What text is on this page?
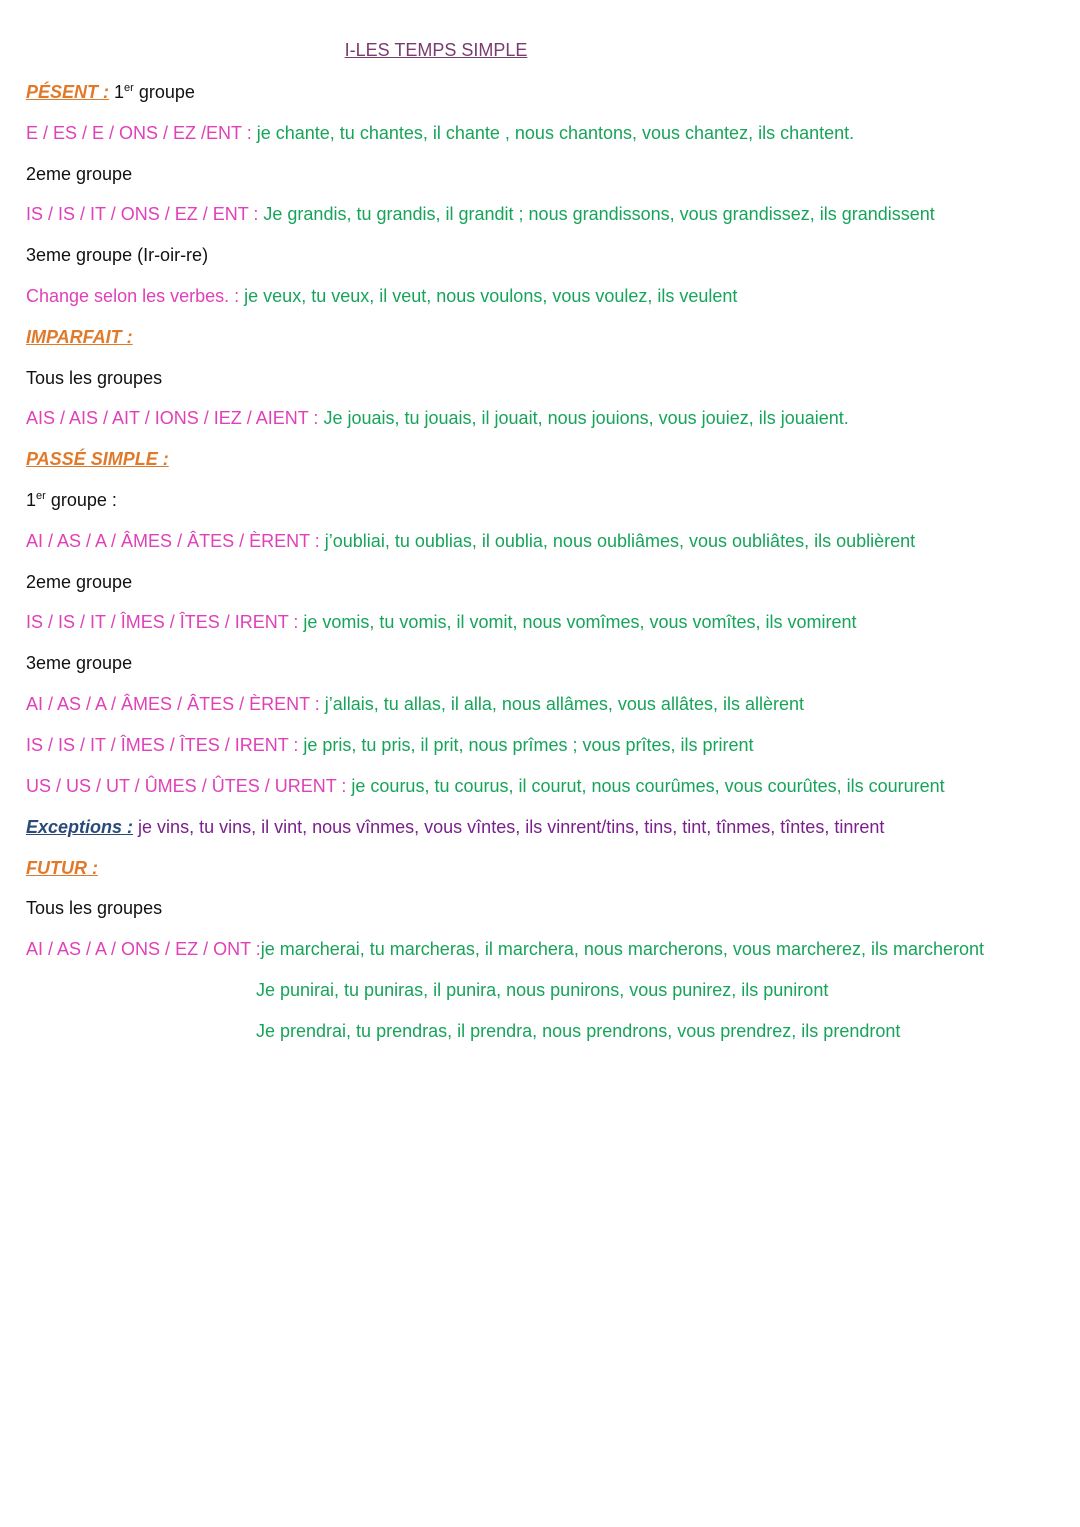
I-LES TEMPS SIMPLE
PÉSENT : 1er groupe
E / ES / E / ONS / EZ /ENT : je chante, tu chantes, il chante , nous chantons, vous chantez, ils chantent.
2eme groupe
IS / IS / IT / ONS / EZ / ENT : Je grandis, tu grandis, il grandit ; nous grandissons, vous grandissez, ils grandissent
3eme groupe (Ir-oir-re)
Change selon les verbes. : je veux, tu veux, il veut, nous voulons, vous voulez, ils veulent
IMPARFAIT :
Tous les groupes
AIS / AIS / AIT / IONS / IEZ / AIENT : Je jouais, tu jouais, il jouait, nous jouions, vous jouiez, ils jouaient.
PASSÉ SIMPLE :
1er groupe :
AI / AS / A / ÂMES / ÂTES / ÈRENT : j’oubliai, tu oublias, il oublia, nous oubliâmes, vous oubliâtes, ils oublièrent
2eme groupe
IS / IS / IT / ÎMES / ÎTES / IRENT : je vomis, tu vomis, il vomit, nous vomîmes, vous vomîtes, ils vomirent
3eme groupe
AI / AS / A / ÂMES / ÂTES / ÈRENT : j’allais, tu allas, il alla, nous allâmes, vous allâtes, ils allèrent
IS / IS / IT / ÎMES / ÎTES / IRENT : je pris, tu pris, il prit, nous prîmes ; vous prîtes, ils prirent
US / US / UT / ÛMES / ÛTES / URENT : je courus, tu courus, il courut, nous courûmes, vous courûtes, ils coururent
Exceptions : je vins, tu vins, il vint, nous vînmes, vous vîntes, ils vinrent/tins, tins, tint, tînmes, tîntes, tinrent
FUTUR :
Tous les groupes
AI / AS / A / ONS / EZ / ONT :je marcherai, tu marcheras, il marchera, nous marcherons, vous marcherez, ils marcheront
Je punirai, tu puniras, il punira, nous punirons, vous punirez, ils puniront
Je prendrai, tu prendras, il prendra, nous prendrons, vous prendrez, ils prendront
